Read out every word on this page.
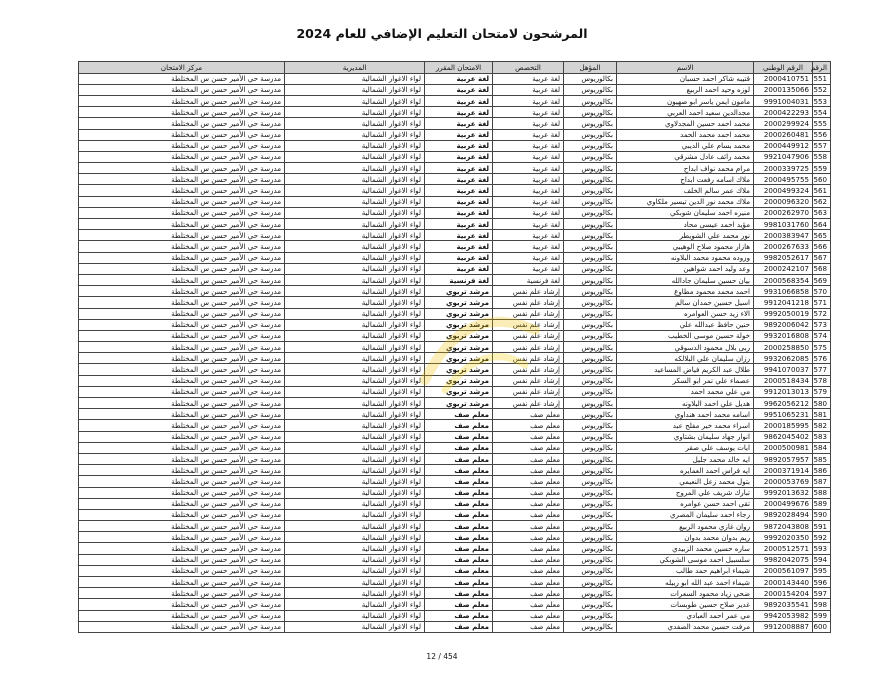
المرشحون لامتحان التعليم الإضافي للعام 2024
الرقم	الرقم الوطني	الاسم	المؤهل	التخصص	الامتحان المقرر	المديرية	مركز الامتحان
551	2000410751	قتيبه شاكر احمد حسبان	بكالوريوس	لغة عربية	لغة عربية	لواء الاغوار الشمالية	مدرسة حي الأمير حسن س المختلطة
552	2000135066	لوزه وحيد احمد الربيع	بكالوريوس	لغة عربية	لغة عربية	لواء الاغوار الشمالية	مدرسة حي الأمير حسن س المختلطة
553	9991004031	مامون ايمن ياسر ابو صهيون	بكالوريوس	لغة عربية	لغة عربية	لواء الاغوار الشمالية	مدرسة حي الأمير حسن س المختلطة
554	2000422293	مجدالدين سعيد احمد العربي	بكالوريوس	لغة عربية	لغة عربية	لواء الاغوار الشمالية	مدرسة حي الأمير حسن س المختلطة
555	2000299924	محمد احمد حسين المجدلاوي	بكالوريوس	لغة عربية	لغة عربية	لواء الاغوار الشمالية	مدرسة حي الأمير حسن س المختلطة
556	2000260481	محمد احمد محمد الحمد	بكالوريوس	لغة عربية	لغة عربية	لواء الاغوار الشمالية	مدرسة حي الأمير حسن س المختلطة
557	2000449912	محمد بسام علي الديبي	بكالوريوس	لغة عربية	لغة عربية	لواء الاغوار الشمالية	مدرسة حي الأمير حسن س المختلطة
558	9921047906	محمد رائف عادل مشرقي	بكالوريوس	لغة عربية	لغة عربية	لواء الاغوار الشمالية	مدرسة حي الأمير حسن س المختلطة
559	2000339725	مرام محمد نواف ابداح	بكالوريوس	لغة عربية	لغة عربية	لواء الاغوار الشمالية	مدرسة حي الأمير حسن س المختلطة
560	2000495755	ملاك اسامه رفعت ابداح	بكالوريوس	لغة عربية	لغة عربية	لواء الاغوار الشمالية	مدرسة حي الأمير حسن س المختلطة
561	2000499324	ملاك عمر سالم الخلف	بكالوريوس	لغة عربية	لغة عربية	لواء الاغوار الشمالية	مدرسة حي الأمير حسن س المختلطة
562	2000096320	ملاك محمد نور الدين تيسير ملكاوي	بكالوريوس	لغة عربية	لغة عربية	لواء الاغوار الشمالية	مدرسة حي الأمير حسن س المختلطة
563	2000262970	منيره احمد سليمان شوبكي	بكالوريوس	لغة عربية	لغة عربية	لواء الاغوار الشمالية	مدرسة حي الأمير حسن س المختلطة
564	9981031760	مؤيد احمد عيسى محاد	بكالوريوس	لغة عربية	لغة عربية	لواء الاغوار الشمالية	مدرسة حي الأمير حسن س المختلطة
565	2000383947	نور محمد علي الشويطر	بكالوريوس	لغة عربية	لغة عربية	لواء الاغوار الشمالية	مدرسة حي الأمير حسن س المختلطة
566	2000267633	هازار محمود صلاح الوهيبي	بكالوريوس	لغة عربية	لغة عربية	لواء الاغوار الشمالية	مدرسة حي الأمير حسن س المختلطة
567	9982052617	وروده محمود محمد البلاونه	بكالوريوس	لغة عربية	لغة عربية	لواء الاغوار الشمالية	مدرسة حي الأمير حسن س المختلطة
568	2000242107	وعد وليد احمد شواهين	بكالوريوس	لغة عربية	لغة عربية	لواء الاغوار الشمالية	مدرسة حي الأمير حسن س المختلطة
569	2000568354	بيان حسين سليمان جادالله	بكالوريوس	لغة فرنسية	لغة فرنسية	لواء الاغوار الشمالية	مدرسة حي الأمير حسن س المختلطة
570	9931066858	احمد محمد محمود مطاوع	بكالوريوس	إرشاد علم نفس	مرشد تربوي	لواء الاغوار الشمالية	مدرسة حي الأمير حسن س المختلطة
571	9912041218	اسيل حسين حمدان سالم	بكالوريوس	إرشاد علم نفس	مرشد تربوي	لواء الاغوار الشمالية	مدرسة حي الأمير حسن س المختلطة
572	9992050019	الاء زيد حسن العوامره	بكالوريوس	إرشاد علم نفس	مرشد تربوي	لواء الاغوار الشمالية	مدرسة حي الأمير حسن س المختلطة
573	9892006042	حنين حافظ عبدالله علي	بكالوريوس	إرشاد علم نفس	مرشد تربوي	لواء الاغوار الشمالية	مدرسة حي الأمير حسن س المختلطة
574	9932016808	خولة حسين موسى الخطيب	بكالوريوس	إرشاد علم نفس	مرشد تربوي	لواء الاغوار الشمالية	مدرسة حي الأمير حسن س المختلطة
575	2000258850	ربى بلال محمود الدسوقي	بكالوريوس	إرشاد علم نفس	مرشد تربوي	لواء الاغوار الشمالية	مدرسة حي الأمير حسن س المختلطة
576	9932062085	رزان سليمان علي البلالكه	بكالوريوس	إرشاد علم نفس	مرشد تربوي	لواء الاغوار الشمالية	مدرسة حي الأمير حسن س المختلطة
577	9941070037	طلال عبد الكريم فياض المساعيد	بكالوريوس	إرشاد علم نفس	مرشد تربوي	لواء الاغوار الشمالية	مدرسة حي الأمير حسن س المختلطة
578	2000518434	عصماء علي تمر ابو السكر	بكالوريوس	إرشاد علم نفس	مرشد تربوي	لواء الاغوار الشمالية	مدرسة حي الأمير حسن س المختلطة
579	9912013013	مي علي محمد احمد	بكالوريوس	إرشاد علم نفس	مرشد تربوي	لواء الاغوار الشمالية	مدرسة حي الأمير حسن س المختلطة
580	9962056212	هديل علي احمد البلاونه	بكالوريوس	إرشاد علم نفس	مرشد تربوي	لواء الاغوار الشمالية	مدرسة حي الأمير حسن س المختلطة
581	9951065231	اسامه محمد احمد هنداوي	بكالوريوس	معلم صف	معلم صف	لواء الاغوار الشمالية	مدرسة حي الأمير حسن س المختلطة
582	2000185995	اسراء محمد خير مفلح عبد	بكالوريوس	معلم صف	معلم صف	لواء الاغوار الشمالية	مدرسة حي الأمير حسن س المختلطة
583	9862045402	انوار جهاد سليمان بشتاوي	بكالوريوس	معلم صف	معلم صف	لواء الاغوار الشمالية	مدرسة حي الأمير حسن س المختلطة
584	2000500981	ايات يوسف علي صقر	بكالوريوس	معلم صف	معلم صف	لواء الاغوار الشمالية	مدرسة حي الأمير حسن س المختلطة
585	9892057957	ايه خالد محمد جليل	بكالوريوس	معلم صف	معلم صف	لواء الاغوار الشمالية	مدرسة حي الأمير حسن س المختلطة
586	2000371914	ايه فراس احمد العمايره	بكالوريوس	معلم صف	معلم صف	لواء الاغوار الشمالية	مدرسة حي الأمير حسن س المختلطة
587	2000053769	بتول محمد زعل النعيمي	بكالوريوس	معلم صف	معلم صف	لواء الاغوار الشمالية	مدرسة حي الأمير حسن س المختلطة
588	9992013632	تبارك شريف علي المروح	بكالوريوس	معلم صف	معلم صف	لواء الاغوار الشمالية	مدرسة حي الأمير حسن س المختلطة
589	2000499676	تقى احمد حسن عوامره	بكالوريوس	معلم صف	معلم صف	لواء الاغوار الشمالية	مدرسة حي الأمير حسن س المختلطة
590	9892028494	رجاء احمد سليمان المصري	بكالوريوس	معلم صف	معلم صف	لواء الاغوار الشمالية	مدرسة حي الأمير حسن س المختلطة
591	9872043808	روان غازي محمود الربيع	بكالوريوس	معلم صف	معلم صف	لواء الاغوار الشمالية	مدرسة حي الأمير حسن س المختلطة
592	9992020350	ريم بدوان محمد بدوان	بكالوريوس	معلم صف	معلم صف	لواء الاغوار الشمالية	مدرسة حي الأمير حسن س المختلطة
593	2000512571	ساره حسين محمد الزبيدي	بكالوريوس	معلم صف	معلم صف	لواء الاغوار الشمالية	مدرسة حي الأمير حسن س المختلطة
594	9982042075	سلسبيل احمد موسى الشوبكي	بكالوريوس	معلم صف	معلم صف	لواء الاغوار الشمالية	مدرسة حي الأمير حسن س المختلطة
595	2000561097	شيماء ابراهيم حمد طالب	بكالوريوس	معلم صف	معلم صف	لواء الاغوار الشمالية	مدرسة حي الأمير حسن س المختلطة
596	2000143440	شيماء احمد عبد الله ابو ربيله	بكالوريوس	معلم صف	معلم صف	لواء الاغوار الشمالية	مدرسة حي الأمير حسن س المختلطة
597	2000154204	ضحى زياد محمود السعرات	بكالوريوس	معلم صف	معلم صف	لواء الاغوار الشمالية	مدرسة حي الأمير حسن س المختلطة
598	9892035541	غدير صلاح حسين طوبسات	بكالوريوس	معلم صف	معلم صف	لواء الاغوار الشمالية	مدرسة حي الأمير حسن س المختلطة
599	9942053982	مي عمر احمد العبادي	بكالوريوس	معلم صف	معلم صف	لواء الاغوار الشمالية	مدرسة حي الأمير حسن س المختلطة
600	9912008887	مرفت حسين محمد الصفدي	بكالوريوس	معلم صف	معلم صف	لواء الاغوار الشمالية	مدرسة حي الأمير حسن س المختلطة
12 / 454
